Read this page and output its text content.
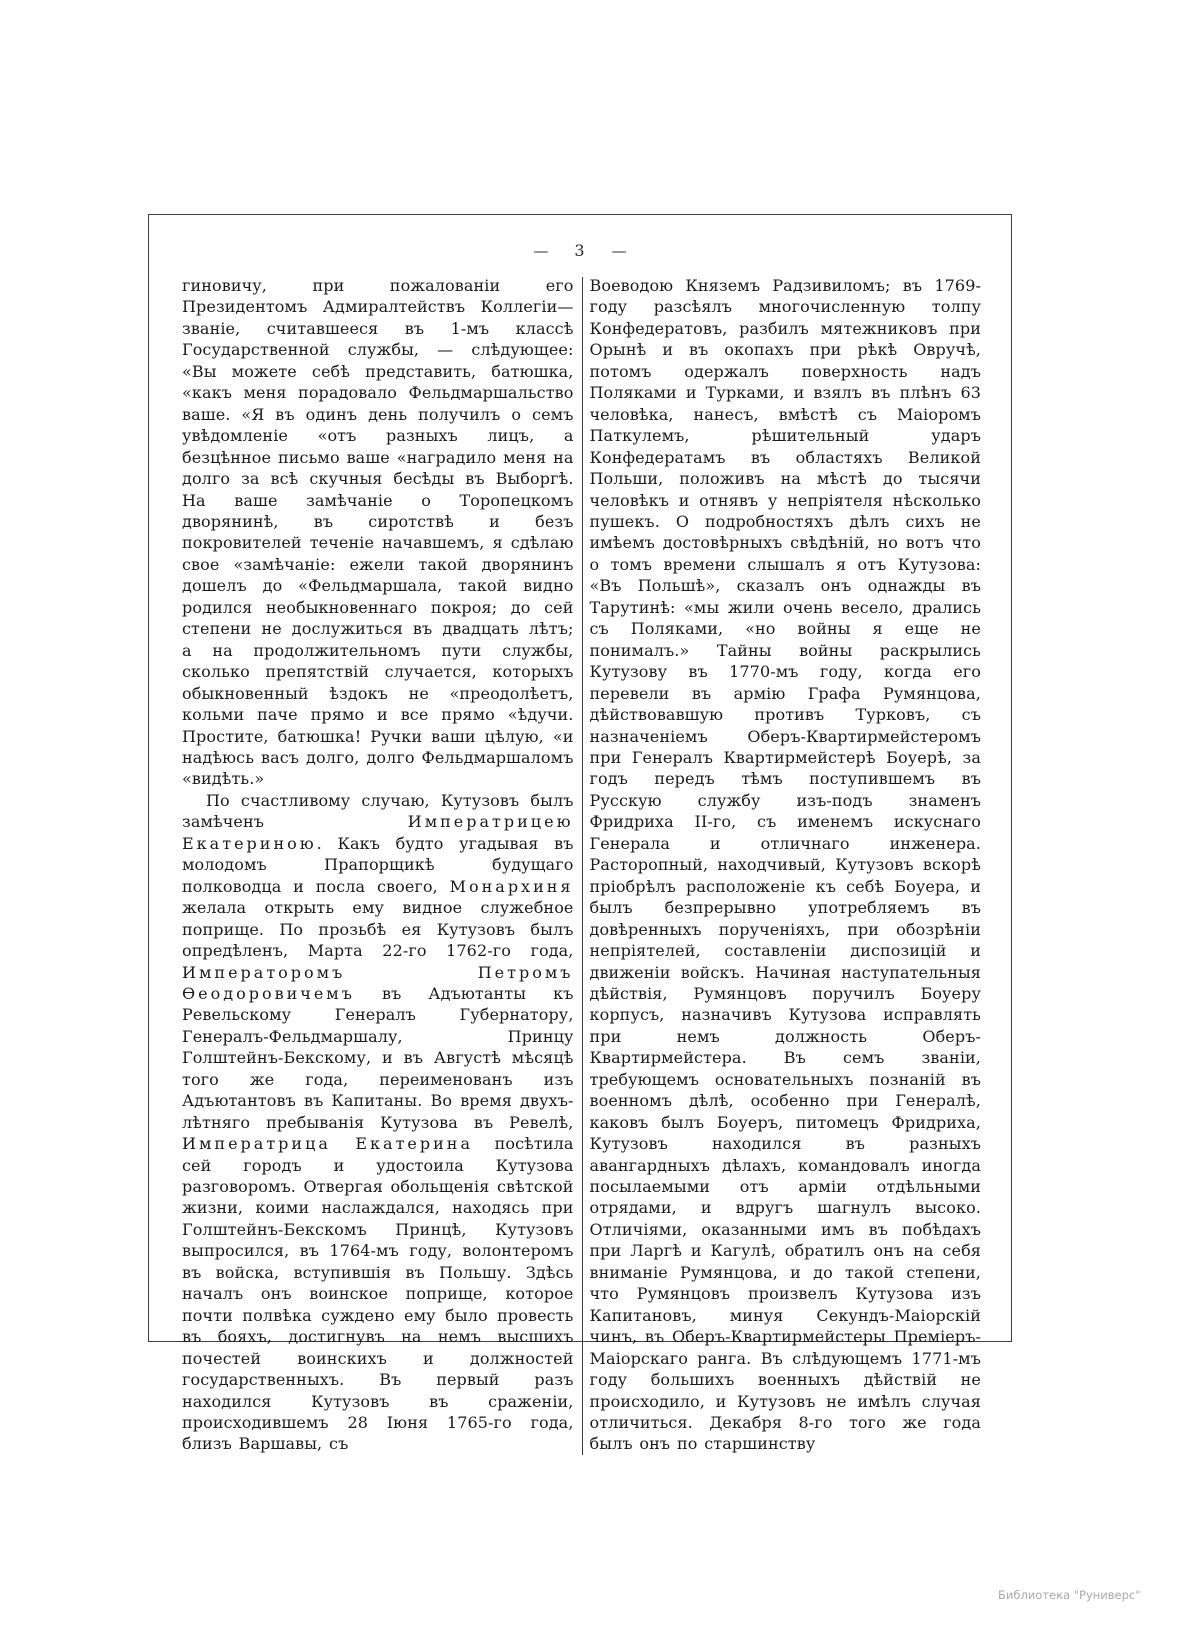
— 3 —

гиновичу, при пожалованіи его Президентомъ Адмиралтействъ Коллегіи—званіе, считавшееся въ 1-мъ классѣ Государственной службы, — слѣдующее: «Вы можете себѣ представить, батюшка, «какъ меня порадовало Фельдмаршальство ваше. «Я въ одинъ день получилъ о семъ увѣдомленіе «отъ разныхъ лицъ, а безцѣнное письмо ваше «наградило меня на долго за всѣ скучныя бесѣды въ Выборгѣ. На ваше замѣчаніе о Торопецкомъ дворянинѣ, въ сиротствѣ и безъ покровителей теченіе начавшемъ, я сдѣлаю свое «замѣчаніе: ежели такой дворянинъ дошелъ до «Фельдмаршала, такой видно родился необыкновеннаго покроя; до сей степени не дослужиться въ двадцать лѣтъ; а на продолжительномъ пути службы, сколько препятствій случается, которыхъ обыкновенный ѣздокъ не «преодолѣетъ, кольми паче прямо и все прямо «ѣдучи. Простите, батюшка! Ручки ваши цѣлую, «и надѣюсь васъ долго, долго Фельдмаршаломъ «видѣть.»

По счастливому случаю, Кутузовъ былъ замѣченъ Императрицею Екатериною. Какъ будто угадывая въ молодомъ Прапорщикѣ будущаго полководца и посла своего, Монархиня желала открыть ему видное служебное поприще. По прозьбѣ ея Кутузовъ былъ опредѣленъ, Марта 22-го 1762-го года, Императоромъ Петромъ Ѳеодоровичемъ въ Адъютанты къ Ревельскому Генералъ Губернатору, Генералъ-Фельдмаршалу, Принцу Голштейнъ-Бекскому, и въ Августѣ мѣсяцѣ того же года, переименованъ изъ Адъютантовъ въ Капитаны. Во время двухъ-лѣтняго пребыванія Кутузова въ Ревелѣ, Императрица Екатерина посѣтила сей городъ и удостоила Кутузова разговоромъ. Отвергая обольщенія свѣтской жизни, коими наслаждался, находясь при Голштейнъ-Бекскомъ Принцѣ, Кутузовъ выпросился, въ 1764-мъ году, волонтеромъ въ войска, вступившія въ Польшу. Здѣсь началъ онъ воинское поприще, которое почти полвѣка суждено ему было провесть въ бояхъ, достигнувъ на немъ высшихъ почестей воинскихъ и должностей государственныхъ. Въ первый разъ находился Кутузовъ въ сраженіи, происходившемъ 28 Іюня 1765-го года, близъ Варшавы, съ

Воеводою Княземъ Радзивиломъ; въ 1769-году разсѣялъ многочисленную толпу Конфедератовъ, разбилъ мятежниковъ при Орынѣ и въ окопахъ при рѣкѣ Овручѣ, потомъ одержалъ поверхность надъ Поляками и Турками, и взялъ въ плѣнъ 63 человѣка, нанесъ, вмѣстѣ съ Маіоромъ Паткулемъ, рѣшительный ударъ Конфедератамъ въ областяхъ Великой Польши, положивъ на мѣстѣ до тысячи человѣкъ и отнявъ у непріятеля нѣсколько пушекъ. О подробностяхъ дѣлъ сихъ не имѣемъ достовѣрныхъ свѣдѣній, но вотъ что о томъ времени слышалъ я отъ Кутузова: «Въ Польшѣ», сказалъ онъ однажды въ Тарутинѣ: «мы жили очень весело, дрались съ Поляками, «но войны я еще не понималъ.» Тайны войны раскрылись Кутузову въ 1770-мъ году, когда его перевели въ армію Графа Румянцова, дѣйствовавшую противъ Турковъ, съ назначеніемъ Оберъ-Квартирмейстеромъ при Генералъ Квартирмейстерѣ Боуерѣ, за годъ передъ тѣмъ поступившемъ въ Русскую службу изъ-подъ знаменъ Фридриха II-го, съ именемъ искуснаго Генерала и отличнаго инженера. Расторопный, находчивый, Кутузовъ вскорѣ пріобрѣлъ расположеніе къ себѣ Боуера, и былъ безпрерывно употребляемъ въ довѣренныхъ порученіяхъ, при обозрѣніи непріятелей, составленіи диспозицій и движеніи войскъ. Начиная наступательныя дѣйствія, Румянцовъ поручилъ Боуеру корпусъ, назначивъ Кутузова исправлять при немъ должность Оберъ-Квартирмейстера. Въ семъ званіи, требующемъ основательныхъ познаній въ военномъ дѣлѣ, особенно при Генералѣ, каковъ былъ Боуеръ, питомецъ Фридриха, Кутузовъ находился въ разныхъ авангардныхъ дѣлахъ, командовалъ иногда посылаемыми отъ арміи отдѣльными отрядами, и вдругъ шагнулъ высоко. Отличіями, оказанными имъ въ побѣдахъ при Ларгѣ и Кагулѣ, обратилъ онъ на себя вниманіе Румянцова, и до такой степени, что Румянцовъ произвелъ Кутузова изъ Капитановъ, минуя Секундъ-Маіорскій чинъ, въ Оберъ-Квартирмейстеры Преміеръ-Маіорскаго ранга. Въ слѣдующемъ 1771-мъ году большихъ военныхъ дѣйствій не происходило, и Кутузовъ не имѣлъ случая отличиться. Декабря 8-го того же года былъ онъ по старшинству

Библиотека "Руниверс"
